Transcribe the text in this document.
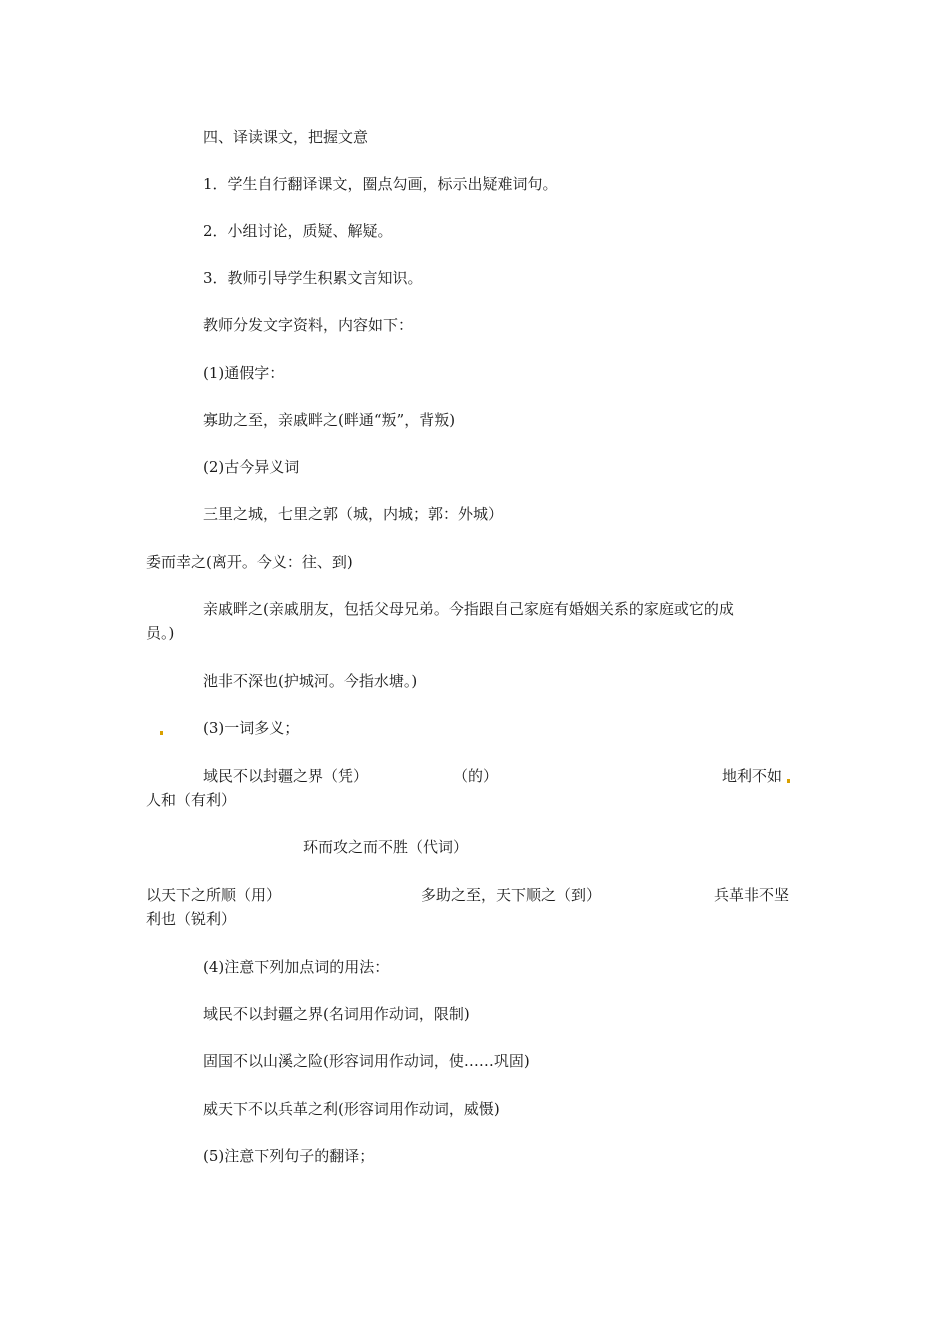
四、译读课文，把握文意
1．学生自行翻译课文，圈点勾画，标示出疑难词句。
2．小组讨论，质疑、解疑。
3．教师引导学生积累文言知识。
教师分发文字资料，内容如下：
(1)通假字：
寡助之至，亲戚畔之(畔通“叛”，背叛)
(2)古今异义词
三里之城，七里之郭（城，内城；郭：外城）
委而幸之(离开。今义：往、到)
亲戚畔之(亲戚朋友，包括父母兄弟。今指跟自己家庭有婚姻关系的家庭或它的成
员。)
池非不深也(护城河。今指水塘。)
(3)一词多义；
域民不以封疆之界（凭）	（的）	地利不如
人和（有利）
环而攻之而不胜（代词）
以天下之所顺（用）	多助之至，天下顺之（到）	兵革非不坚
利也（锐利）
(4)注意下列加点词的用法：
域民不以封疆之界(名词用作动词，限制)
固国不以山溪之险(形容词用作动词，使……巩固)
威天下不以兵革之利(形容词用作动词，威慑)
(5)注意下列句子的翻译；
